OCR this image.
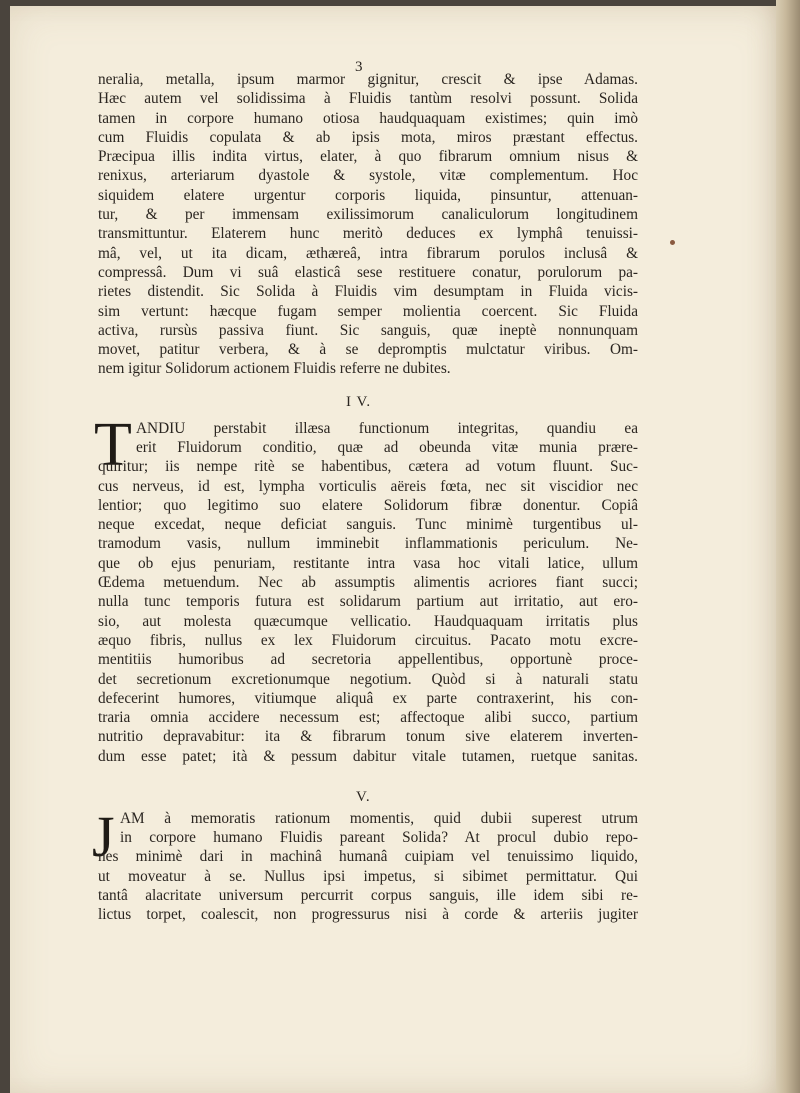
3
neralia, metalla, ipsum marmor gignitur, crescit & ipse Adamas.
Hæc autem vel solidissima à Fluidis tantùm resolvi possunt. Solida
tamen in corpore humano otiosa haudquaquam existimes; quin imò
cum Fluidis copulata & ab ipsis mota, miros præstant effectus.
Præcipua illis indita virtus, elater, à quo fibrarum omnium nisus &
renixus, arteriarum dyastole & systole, vitæ complementum. Hoc
siquidem elatere urgentur corporis liquida, pinsuntur, attenuan-
tur, & per immensam exilissimorum canaliculorum longitudinem
transmittuntur. Elaterem hunc meritò deduces ex lymphâ tenuissi-
mâ, vel, ut ita dicam, æthæreâ, intra fibrarum porulos inclusâ &
compressâ. Dum vi suâ elasticâ sese restituere conatur, porulorum pa-
rietes distendit. Sic Solida à Fluidis vim desumptam in Fluida vicis-
sim vertunt: hæcque fugam semper molientia coercent. Sic Fluida
activa, rursùs passiva fiunt. Sic sanguis, quæ ineptè nonnunquam
movet, patitur verbera, & à se depromptis mulctatur viribus. Om-
nem igitur Solidorum actionem Fluidis referre ne dubites.
I V.
T ANDIU perstabit illæsa functionum integritas, quandiu ea
erit Fluidorum conditio, quæ ad obeunda vitæ munia prære-
quiritur; iis nempe ritè se habentibus, cætera ad votum fluunt. Suc-
cus nerveus, id est, lympha vorticulis aëreis fœta, nec sit viscidior nec
lentior; quo legitimo suo elatere Solidorum fibræ donentur. Copiâ
neque excedat, neque deficiat sanguis. Tunc minimè turgentibus ul-
tramodum vasis, nullum imminebit inflammationis periculum. Ne-
que ob ejus penuriam, restitante intra vasa hoc vitali latice, ullum
Œdema metuendum. Nec ab assumptis alimentis acriores fiant succi;
nulla tunc temporis futura est solidarum partium aut irritatio, aut ero-
sio, aut molesta quæcumque vellicatio. Haudquaquam irritatis plus
æquo fibris, nullus ex lex Fluidorum circuitus. Pacato motu excre-
mentitiis humoribus ad secretoria appellentibus, opportunè proce-
det secretionum excretionumque negotium. Quòd si à naturali statu
defecerint humores, vitiumque aliquâ ex parte contraxerint, his con-
traria omnia accidere necessum est; affectoque alibi succo, partium
nutritio depravabitur: ita & fibrarum tonum sive elaterem inverten-
dum esse patet; ità & pessum dabitur vitale tutamen, ruetque sanitas.
V.
J AM à memoratis rationum momentis, quid dubii superest utrum
in corpore humano Fluidis pareant Solida? At procul dubio repo-
nes minimè dari in machinâ humanâ cuipiam vel tenuissimo liquido,
ut moveatur à se. Nullus ipsi impetus, si sibimet permittatur. Qui
tantâ alacritate universum percurrit corpus sanguis, ille idem sibi re-
lictus torpet, coalescit, non progressurus nisi à corde & arteriis jugiter
